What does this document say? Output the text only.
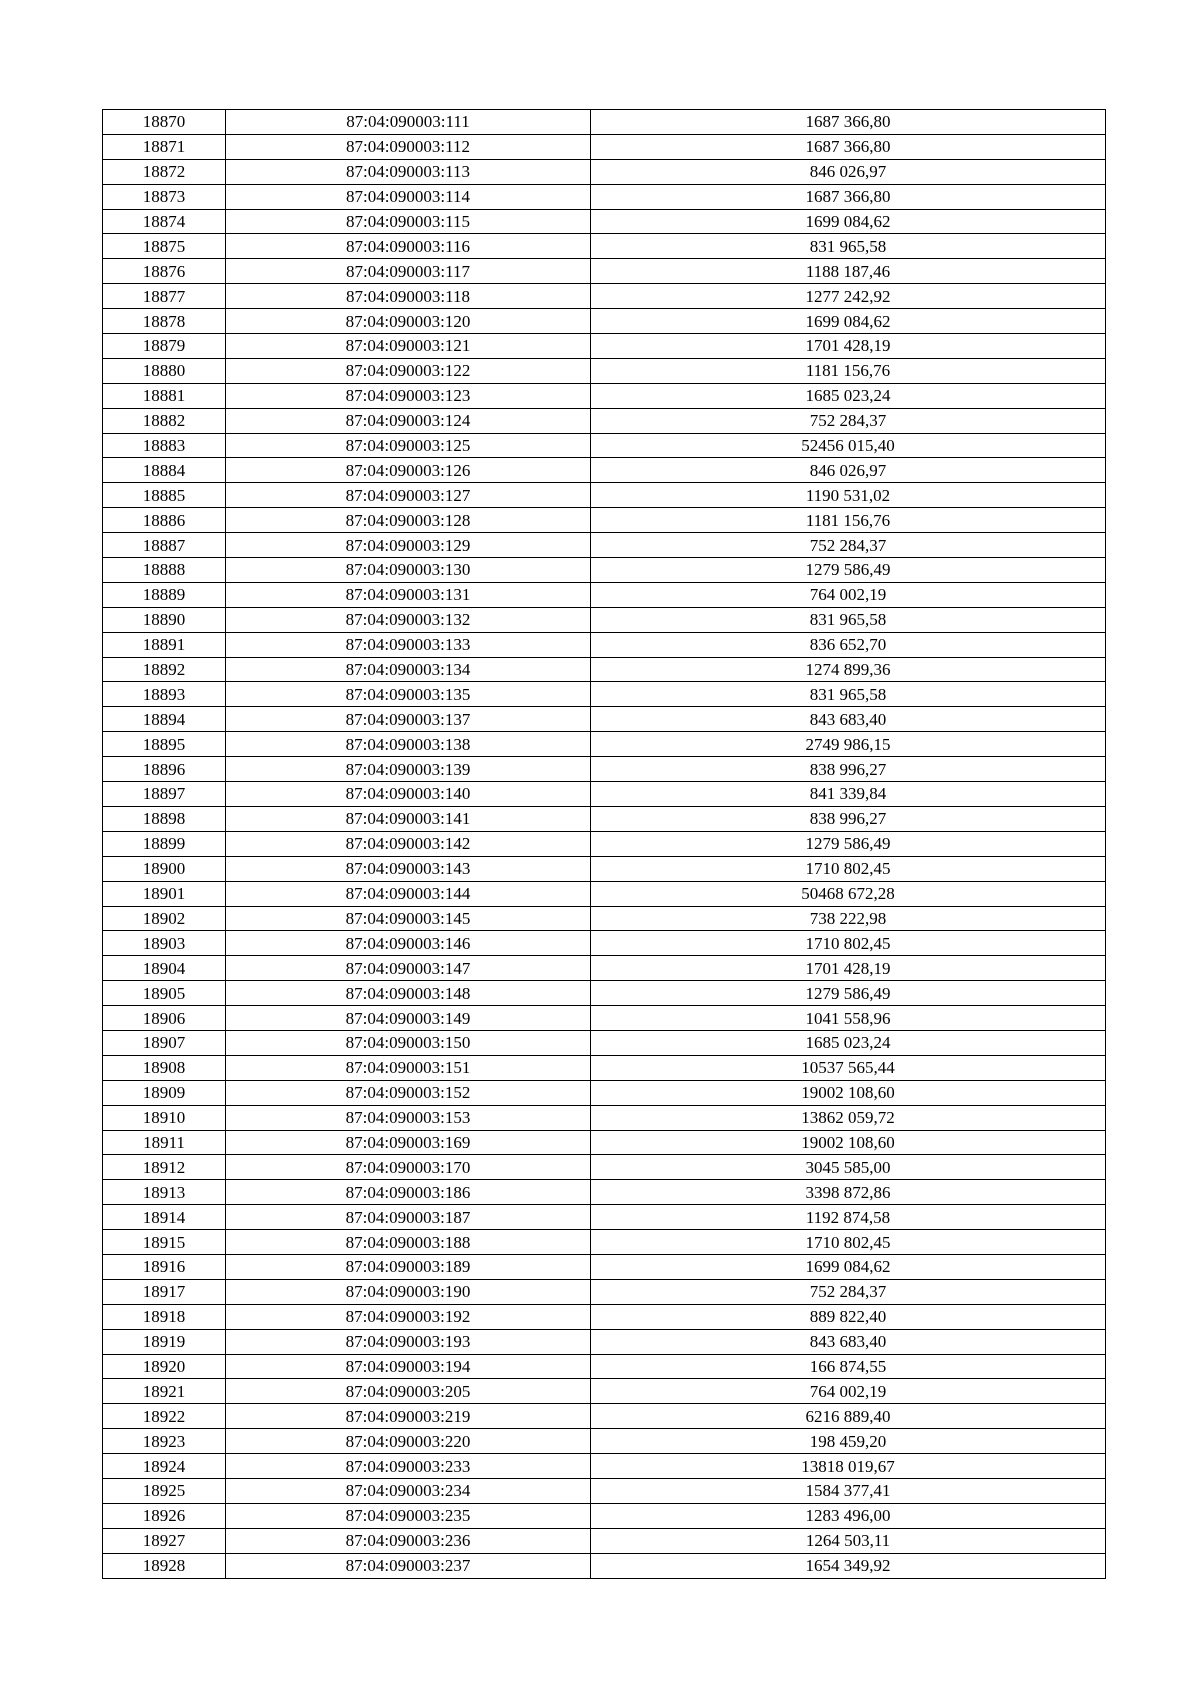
18870	87:04:090003:111	1687 366,80
18871	87:04:090003:112	1687 366,80
18872	87:04:090003:113	846 026,97
18873	87:04:090003:114	1687 366,80
18874	87:04:090003:115	1699 084,62
18875	87:04:090003:116	831 965,58
18876	87:04:090003:117	1188 187,46
18877	87:04:090003:118	1277 242,92
18878	87:04:090003:120	1699 084,62
18879	87:04:090003:121	1701 428,19
18880	87:04:090003:122	1181 156,76
18881	87:04:090003:123	1685 023,24
18882	87:04:090003:124	752 284,37
18883	87:04:090003:125	52456 015,40
18884	87:04:090003:126	846 026,97
18885	87:04:090003:127	1190 531,02
18886	87:04:090003:128	1181 156,76
18887	87:04:090003:129	752 284,37
18888	87:04:090003:130	1279 586,49
18889	87:04:090003:131	764 002,19
18890	87:04:090003:132	831 965,58
18891	87:04:090003:133	836 652,70
18892	87:04:090003:134	1274 899,36
18893	87:04:090003:135	831 965,58
18894	87:04:090003:137	843 683,40
18895	87:04:090003:138	2749 986,15
18896	87:04:090003:139	838 996,27
18897	87:04:090003:140	841 339,84
18898	87:04:090003:141	838 996,27
18899	87:04:090003:142	1279 586,49
18900	87:04:090003:143	1710 802,45
18901	87:04:090003:144	50468 672,28
18902	87:04:090003:145	738 222,98
18903	87:04:090003:146	1710 802,45
18904	87:04:090003:147	1701 428,19
18905	87:04:090003:148	1279 586,49
18906	87:04:090003:149	1041 558,96
18907	87:04:090003:150	1685 023,24
18908	87:04:090003:151	10537 565,44
18909	87:04:090003:152	19002 108,60
18910	87:04:090003:153	13862 059,72
18911	87:04:090003:169	19002 108,60
18912	87:04:090003:170	3045 585,00
18913	87:04:090003:186	3398 872,86
18914	87:04:090003:187	1192 874,58
18915	87:04:090003:188	1710 802,45
18916	87:04:090003:189	1699 084,62
18917	87:04:090003:190	752 284,37
18918	87:04:090003:192	889 822,40
18919	87:04:090003:193	843 683,40
18920	87:04:090003:194	166 874,55
18921	87:04:090003:205	764 002,19
18922	87:04:090003:219	6216 889,40
18923	87:04:090003:220	198 459,20
18924	87:04:090003:233	13818 019,67
18925	87:04:090003:234	1584 377,41
18926	87:04:090003:235	1283 496,00
18927	87:04:090003:236	1264 503,11
18928	87:04:090003:237	1654 349,92
